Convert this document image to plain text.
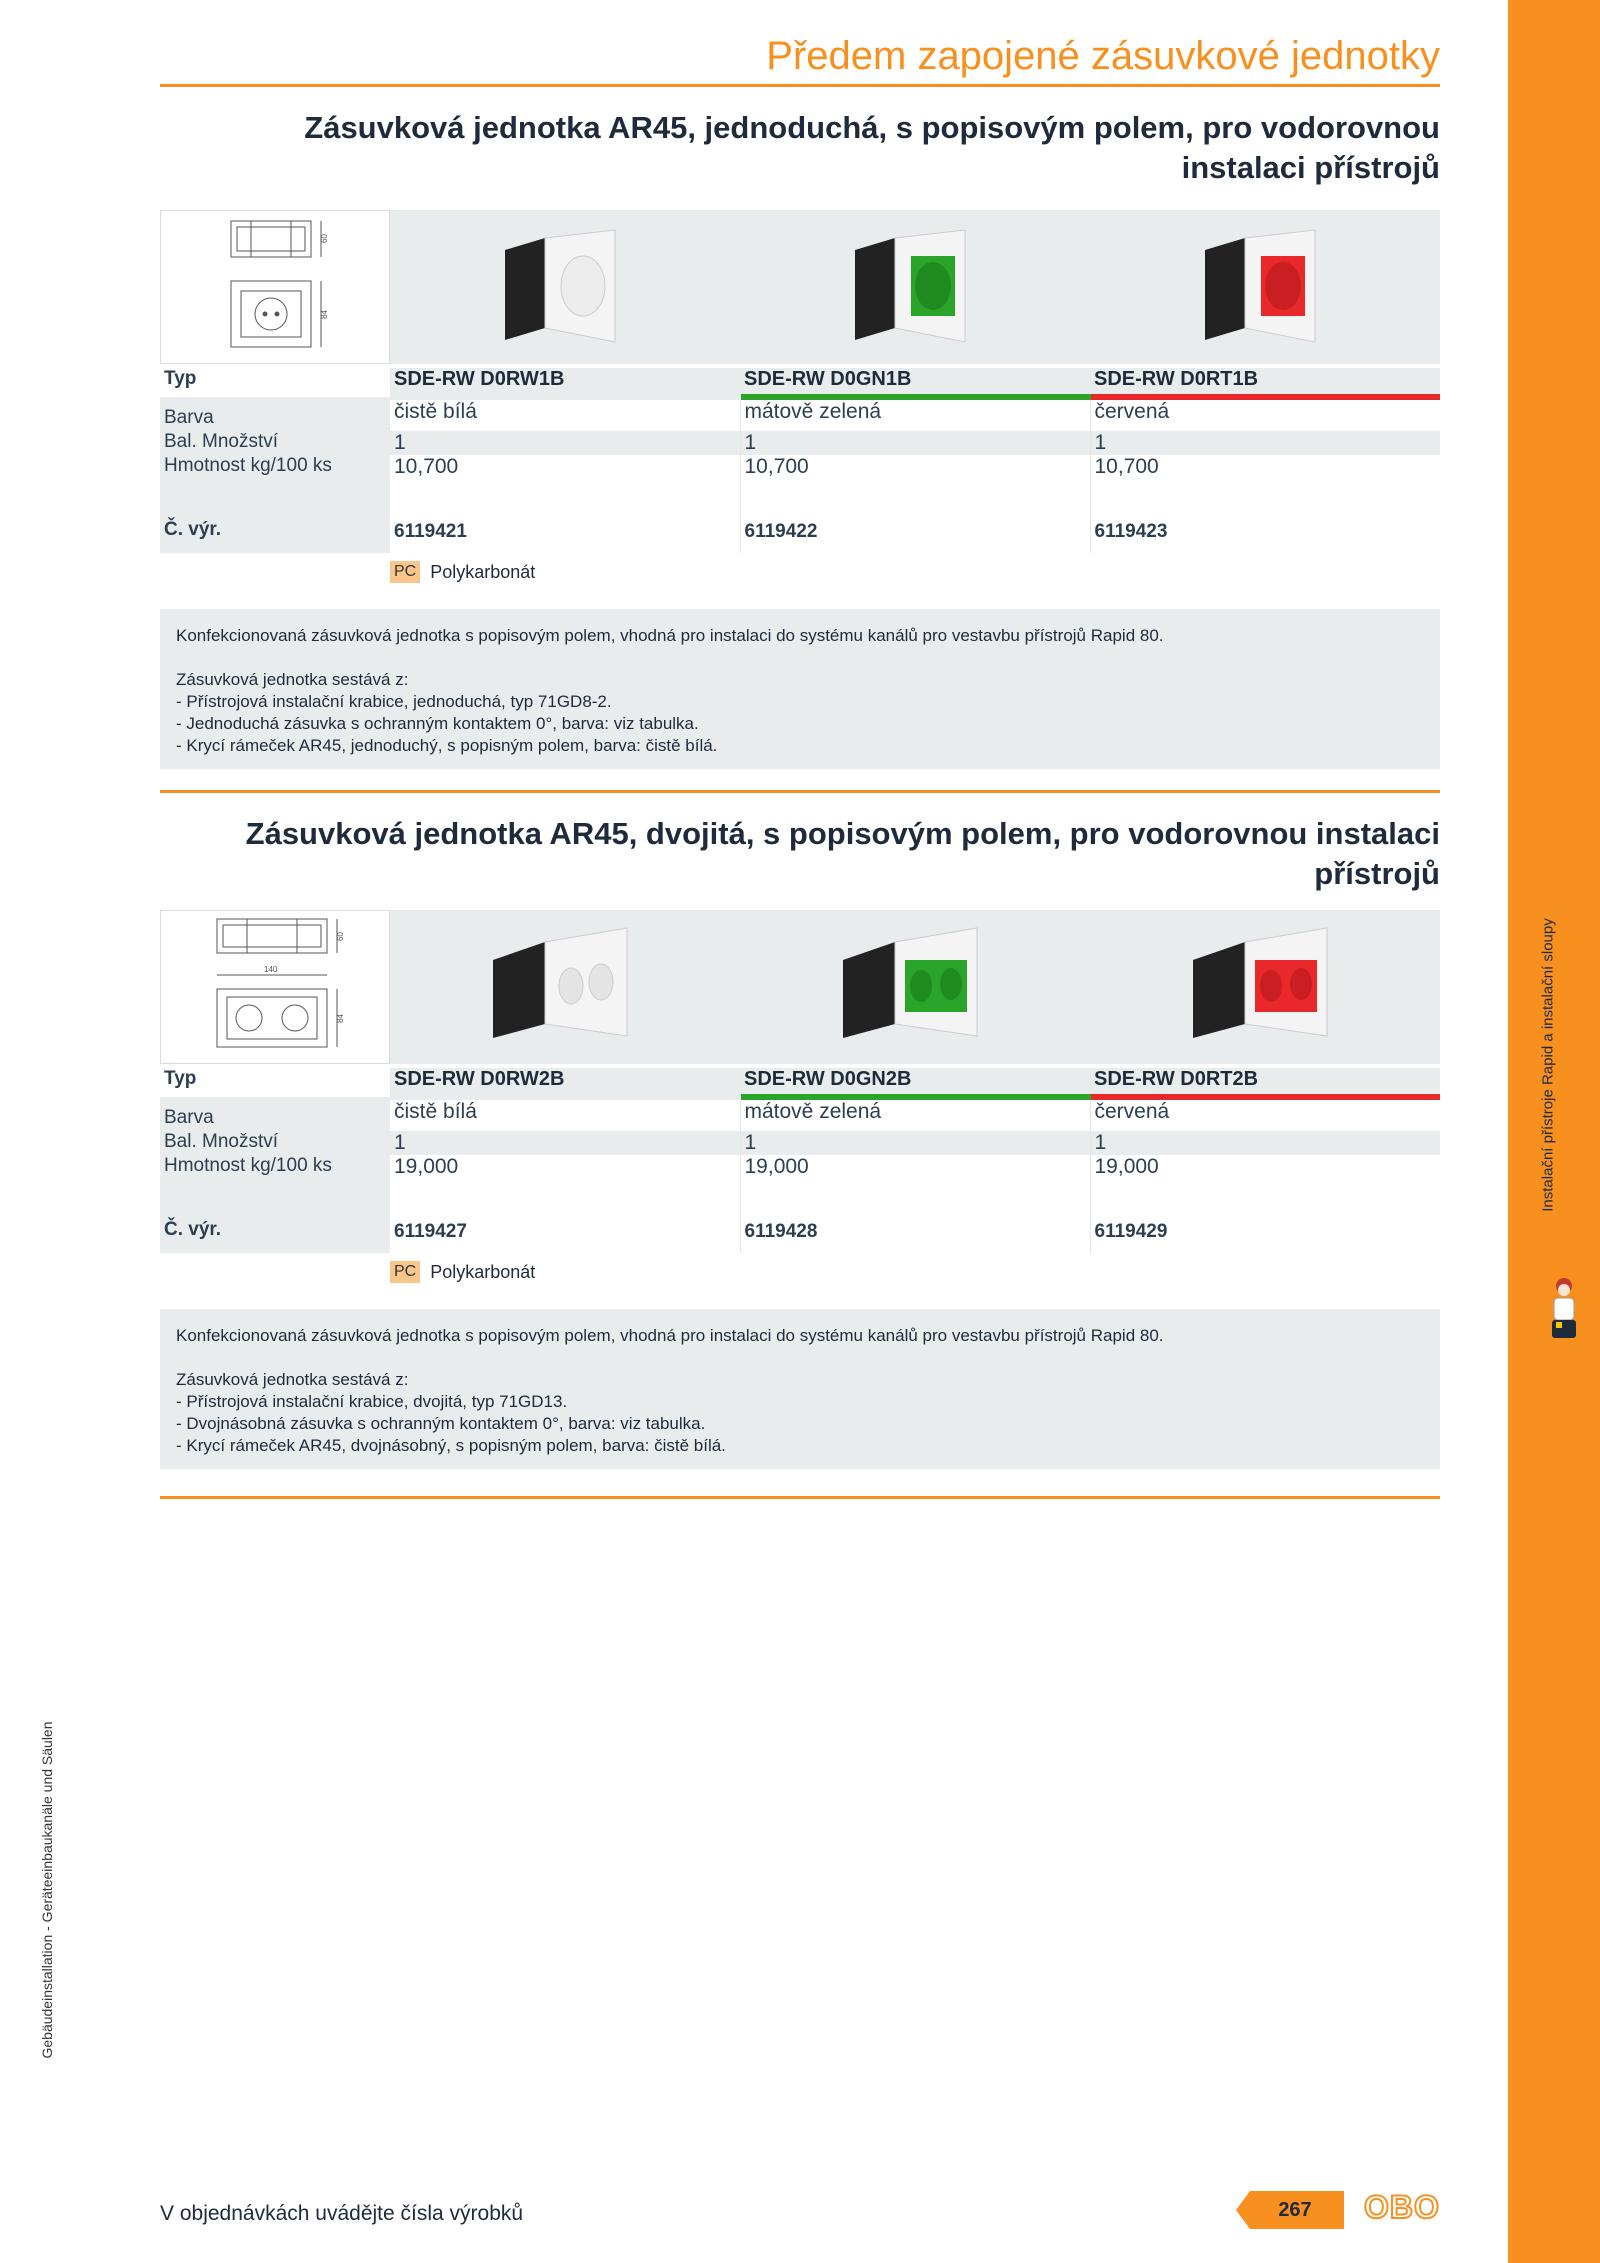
Instalační přístroje Rapid a instalační sloupy
Gebäudeinstallation - Geräteeinbaukanäle und Säulen
Předem zapojené zásuvkové jednotky
Zásuvková jednotka AR45, jednoduchá, s popisovým polem, pro vodorovnou
instalaci přístrojů
60
84
Typ	SDE-RW D0RW1B	SDE-RW D0GN1B	SDE-RW D0RT1B
Barva	čistě bílá	mátově zelená	červená
Bal. Množství	1	1	1
Hmotnost kg/100 ks	10,700	10,700	10,700
Č. výr.	6119421	6119422	6119423
PC Polykarbonát

Konfekcionovaná zásuvková jednotka s popisovým polem, vhodná pro instalaci do systému kanálů pro vestavbu přístrojů Rapid 80.

Zásuvková jednotka sestává z:

- Přístrojová instalační krabice, jednoduchá, typ 71GD8-2.

- Jednoduchá zásuvka s ochranným kontaktem 0°, barva: viz tabulka.

- Krycí rámeček AR45, jednoduchý, s popisným polem, barva: čistě bílá.

Zásuvková jednotka AR45, dvojitá, s popisovým polem, pro vodorovnou instalaci
přístrojů
60
140
84
Typ	SDE-RW D0RW2B	SDE-RW D0GN2B	SDE-RW D0RT2B
Barva	čistě bílá	mátově zelená	červená
Bal. Množství	1	1	1
Hmotnost kg/100 ks	19,000	19,000	19,000
Č. výr.	6119427	6119428	6119429
PC Polykarbonát

Konfekcionovaná zásuvková jednotka s popisovým polem, vhodná pro instalaci do systému kanálů pro vestavbu přístrojů Rapid 80.

Zásuvková jednotka sestává z:

- Přístrojová instalační krabice, dvojitá, typ 71GD13.

- Dvojnásobná zásuvka s ochranným kontaktem 0°, barva: viz tabulka.

- Krycí rámeček AR45, dvojnásobný, s popisným polem, barva: čistě bílá.

V objednávkách uvádějte čísla výrobků	267	OBO
